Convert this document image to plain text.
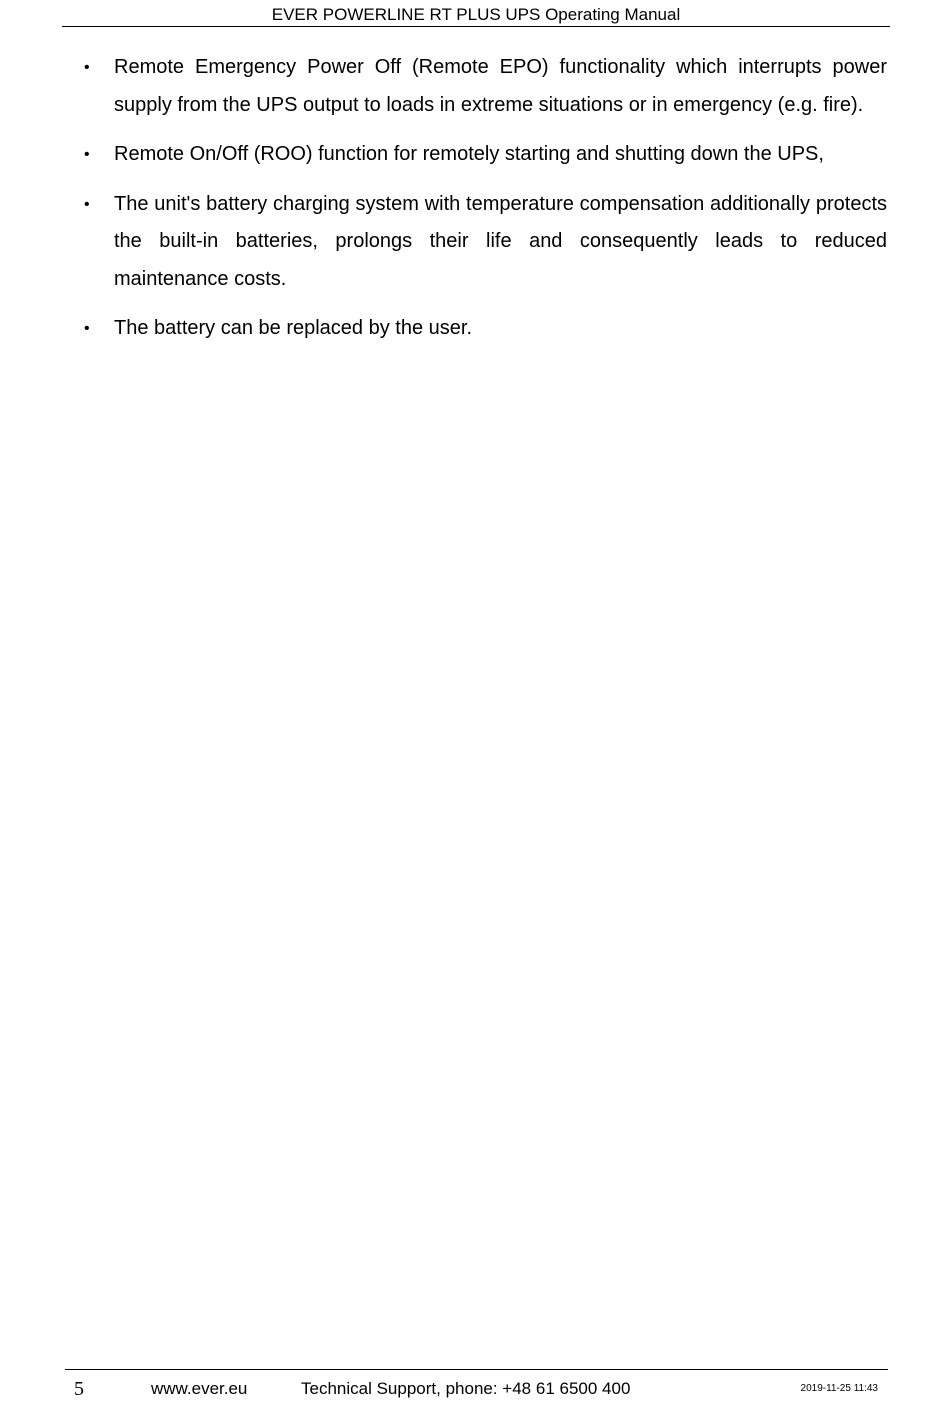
EVER POWERLINE RT PLUS UPS Operating Manual
• Remote Emergency Power Off (Remote EPO) functionality which interrupts power supply from the UPS output to loads in extreme situations or in emergency (e.g. fire).
• Remote On/Off (ROO) function for remotely starting and shutting down the UPS,
• The unit's battery charging system with temperature compensation additionally protects the built-in batteries, prolongs their life and consequently leads to reduced maintenance costs.
• The battery can be replaced by the user.
5	www.ever.eu	Technical Support, phone: +48 61 6500 400	2019-11-25 11:43
